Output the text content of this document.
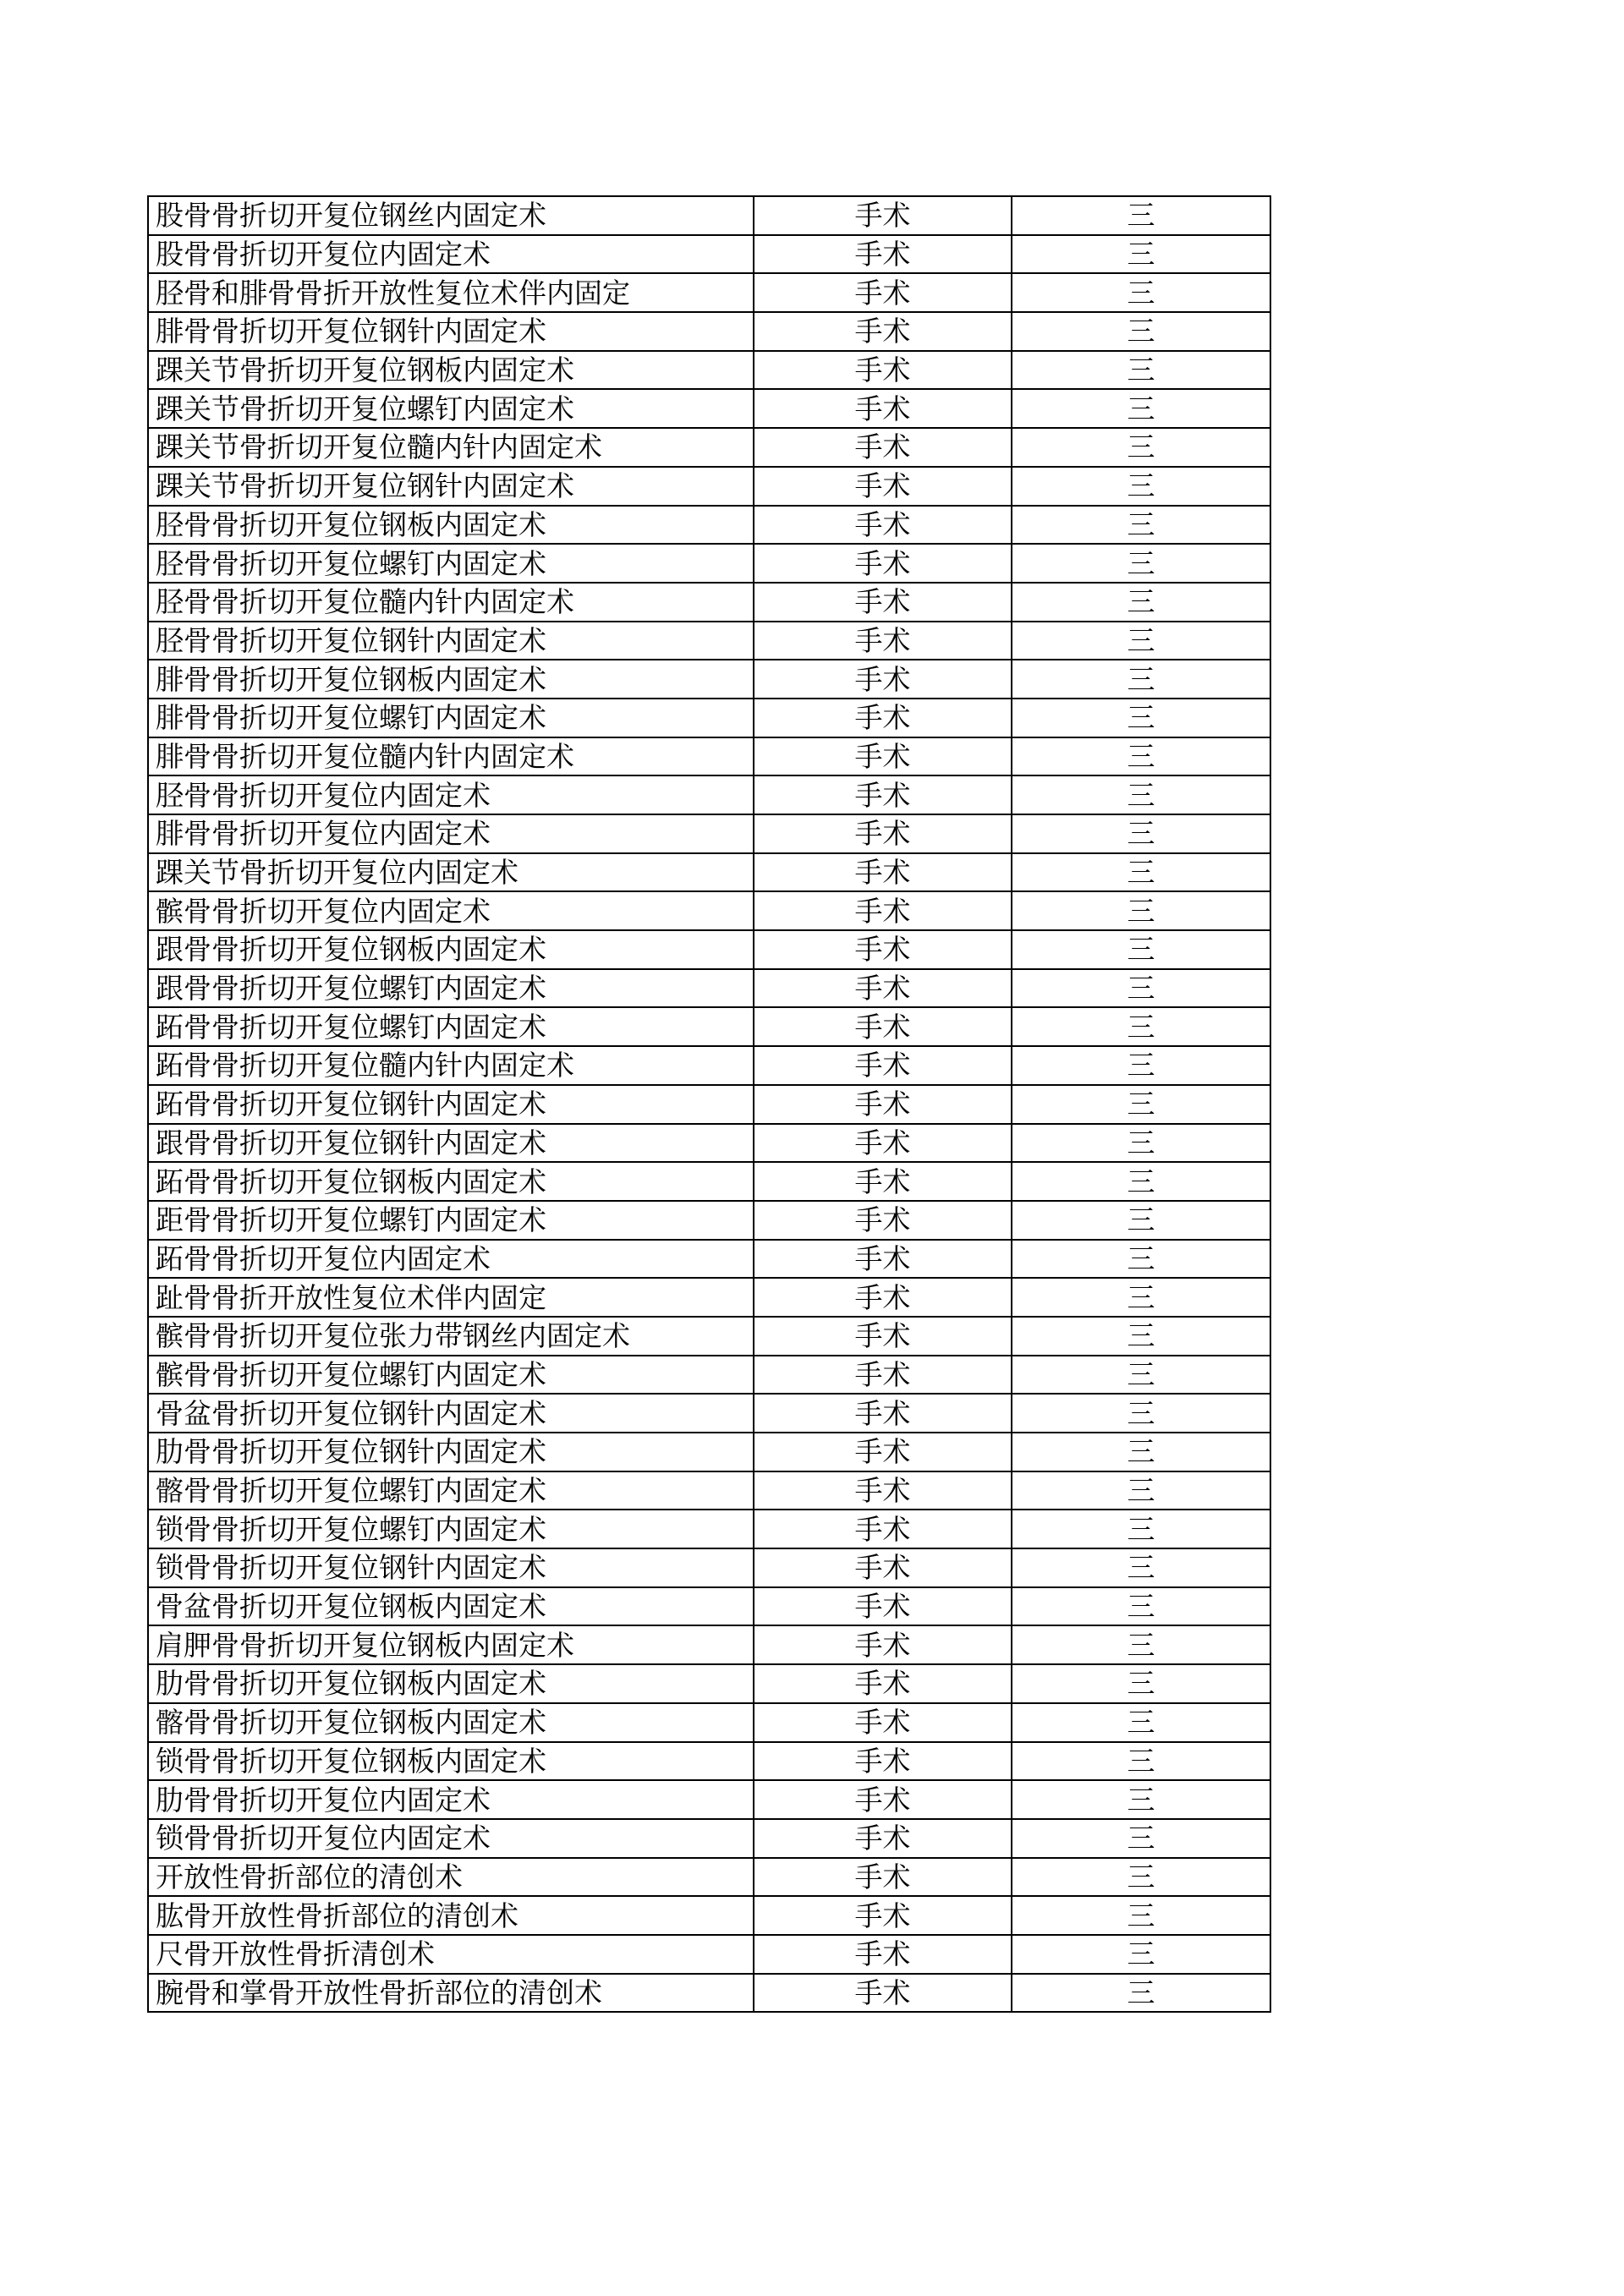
股骨骨折切开复位钢丝内固定术	手术	三
股骨骨折切开复位内固定术	手术	三
胫骨和腓骨骨折开放性复位术伴内固定	手术	三
腓骨骨折切开复位钢针内固定术	手术	三
踝关节骨折切开复位钢板内固定术	手术	三
踝关节骨折切开复位螺钉内固定术	手术	三
踝关节骨折切开复位髓内针内固定术	手术	三
踝关节骨折切开复位钢针内固定术	手术	三
胫骨骨折切开复位钢板内固定术	手术	三
胫骨骨折切开复位螺钉内固定术	手术	三
胫骨骨折切开复位髓内针内固定术	手术	三
胫骨骨折切开复位钢针内固定术	手术	三
腓骨骨折切开复位钢板内固定术	手术	三
腓骨骨折切开复位螺钉内固定术	手术	三
腓骨骨折切开复位髓内针内固定术	手术	三
胫骨骨折切开复位内固定术	手术	三
腓骨骨折切开复位内固定术	手术	三
踝关节骨折切开复位内固定术	手术	三
髌骨骨折切开复位内固定术	手术	三
跟骨骨折切开复位钢板内固定术	手术	三
跟骨骨折切开复位螺钉内固定术	手术	三
跖骨骨折切开复位螺钉内固定术	手术	三
跖骨骨折切开复位髓内针内固定术	手术	三
跖骨骨折切开复位钢针内固定术	手术	三
跟骨骨折切开复位钢针内固定术	手术	三
跖骨骨折切开复位钢板内固定术	手术	三
距骨骨折切开复位螺钉内固定术	手术	三
跖骨骨折切开复位内固定术	手术	三
趾骨骨折开放性复位术伴内固定	手术	三
髌骨骨折切开复位张力带钢丝内固定术	手术	三
髌骨骨折切开复位螺钉内固定术	手术	三
骨盆骨折切开复位钢针内固定术	手术	三
肋骨骨折切开复位钢针内固定术	手术	三
髂骨骨折切开复位螺钉内固定术	手术	三
锁骨骨折切开复位螺钉内固定术	手术	三
锁骨骨折切开复位钢针内固定术	手术	三
骨盆骨折切开复位钢板内固定术	手术	三
肩胛骨骨折切开复位钢板内固定术	手术	三
肋骨骨折切开复位钢板内固定术	手术	三
髂骨骨折切开复位钢板内固定术	手术	三
锁骨骨折切开复位钢板内固定术	手术	三
肋骨骨折切开复位内固定术	手术	三
锁骨骨折切开复位内固定术	手术	三
开放性骨折部位的清创术	手术	三
肱骨开放性骨折部位的清创术	手术	三
尺骨开放性骨折清创术	手术	三
腕骨和掌骨开放性骨折部位的清创术	手术	三
